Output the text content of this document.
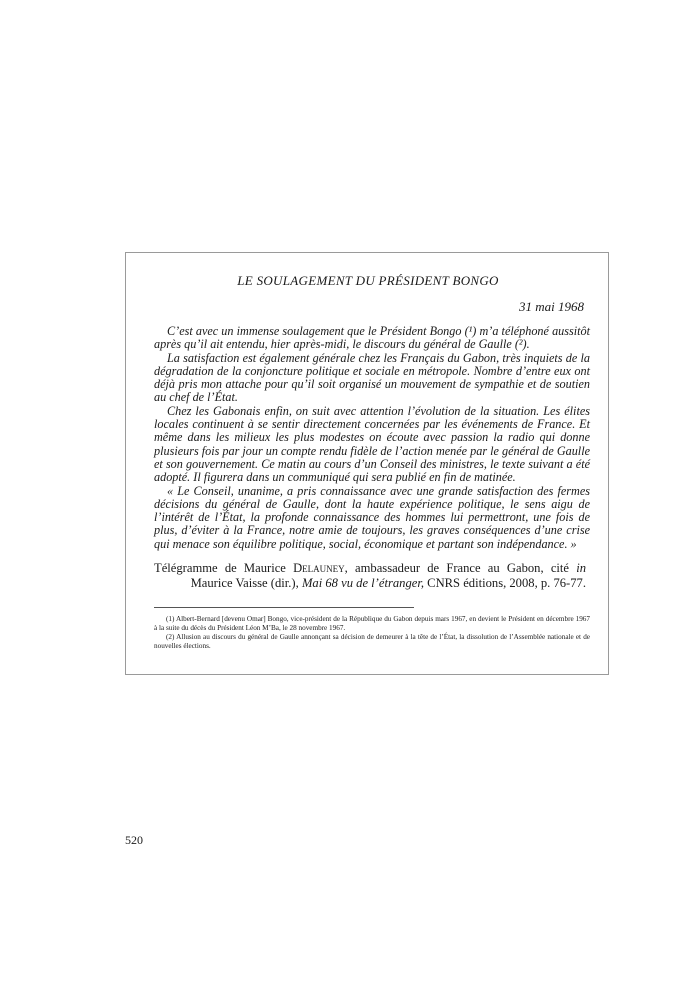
LE SOULAGEMENT DU PRÉSIDENT BONGO
31 mai 1968

C’est avec un immense soulagement que le Président Bongo (¹) m’a téléphoné aussitôt après qu’il ait entendu, hier après-midi, le discours du général de Gaulle (²).

La satisfaction est également générale chez les Français du Gabon, très inquiets de la dégradation de la conjoncture politique et sociale en métropole. Nombre d’entre eux ont déjà pris mon attache pour qu’il soit organisé un mouvement de sympathie et de soutien au chef de l’État.

Chez les Gabonais enfin, on suit avec attention l’évolution de la situation. Les élites locales continuent à se sentir directement concernées par les événements de France. Et même dans les milieux les plus modestes on écoute avec passion la radio qui donne plusieurs fois par jour un compte rendu fidèle de l’action menée par le général de Gaulle et son gouvernement. Ce matin au cours d’un Conseil des ministres, le texte suivant a été adopté. Il figurera dans un communiqué qui sera publié en fin de matinée.

« Le Conseil, unanime, a pris connaissance avec une grande satisfaction des fermes décisions du général de Gaulle, dont la haute expérience politique, le sens aigu de l’intérêt de l’État, la profonde connaissance des hommes lui permettront, une fois de plus, d’éviter à la France, notre amie de toujours, les graves conséquences d’une crise qui menace son équilibre politique, social, économique et partant son indépendance. »

Télégramme de Maurice Delauney, ambassadeur de France au Gabon, cité in Maurice Vaisse (dir.), Mai 68 vu de l’étranger, CNRS éditions, 2008, p. 76-77.

(1) Albert-Bernard [devenu Omar] Bongo, vice-président de la République du Gabon depuis mars 1967, en devient le Président en décembre 1967 à la suite du décès du Président Léon M’Ba, le 28 novembre 1967.

(2) Allusion au discours du général de Gaulle annonçant sa décision de demeurer à la tête de l’État, la dissolution de l’Assemblée nationale et de nouvelles élections.

520
